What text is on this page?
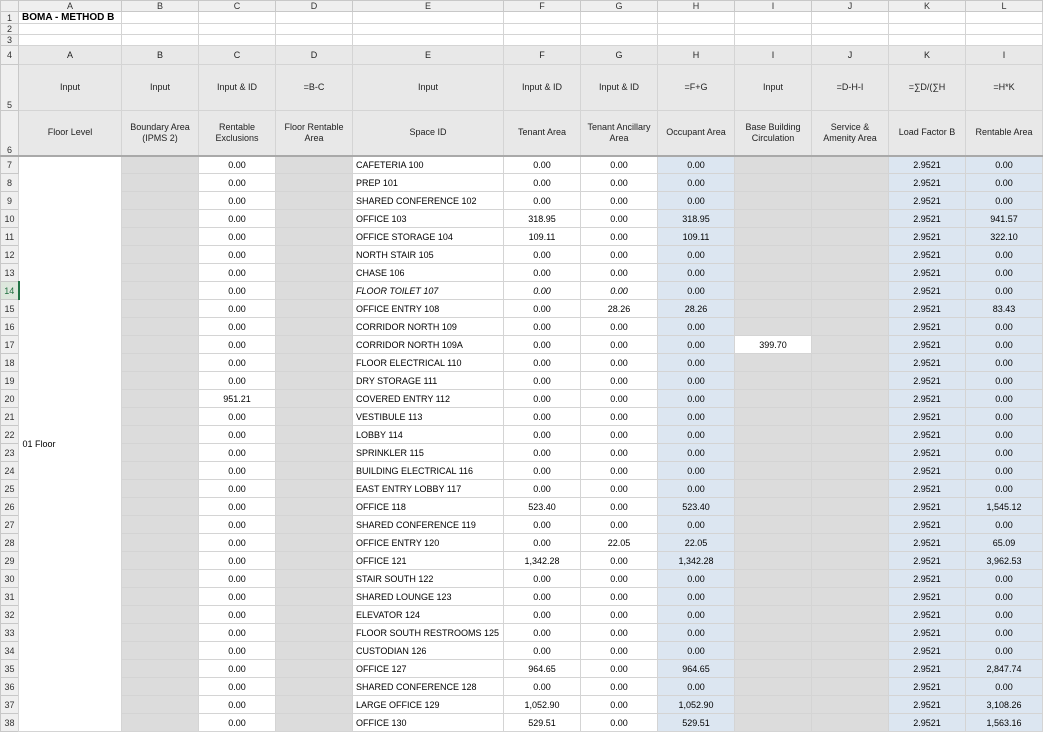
	A	B	C	D	E	F	G	H	I	J	K	L
1	BOMA - METHOD B											
2												
3												
4	A	B	C	D	E	F	G	H	I	J	K	I
5	Input	Input	Input & ID	=B-C	Input	Input & ID	Input & ID	=F+G	Input	=D-H-I	=∑D/(∑H	=H*K
6	Floor Level	Boundary Area (IPMS 2)	Rentable Exclusions	Floor Rentable Area	Space ID	Tenant Area	Tenant Ancillary Area	Occupant Area	Base Building Circulation	Service & Amenity Area	Load Factor B	Rentable Area
7	01 Floor		0.00		CAFETERIA 100	0.00	0.00	0.00			2.9521	0.00
8			0.00		PREP 101	0.00	0.00	0.00			2.9521	0.00
9			0.00		SHARED CONFERENCE 102	0.00	0.00	0.00			2.9521	0.00
10			0.00		OFFICE 103	318.95	0.00	318.95			2.9521	941.57
11			0.00		OFFICE STORAGE 104	109.11	0.00	109.11			2.9521	322.10
12			0.00		NORTH STAIR 105	0.00	0.00	0.00			2.9521	0.00
13			0.00		CHASE 106	0.00	0.00	0.00			2.9521	0.00
14			0.00		FLOOR TOILET 107	0.00	0.00	0.00			2.9521	0.00
15			0.00		OFFICE ENTRY 108	0.00	28.26	28.26			2.9521	83.43
16			0.00		CORRIDOR NORTH 109	0.00	0.00	0.00			2.9521	0.00
17			0.00		CORRIDOR NORTH 109A	0.00	0.00	0.00	399.70		2.9521	0.00
18			0.00		FLOOR ELECTRICAL 110	0.00	0.00	0.00			2.9521	0.00
19			0.00		DRY STORAGE 111	0.00	0.00	0.00			2.9521	0.00
20			951.21		COVERED ENTRY 112	0.00	0.00	0.00			2.9521	0.00
21			0.00		VESTIBULE 113	0.00	0.00	0.00			2.9521	0.00
22			0.00		LOBBY 114	0.00	0.00	0.00			2.9521	0.00
23			0.00		SPRINKLER 115	0.00	0.00	0.00			2.9521	0.00
24			0.00		BUILDING ELECTRICAL 116	0.00	0.00	0.00			2.9521	0.00
25			0.00		EAST ENTRY LOBBY 117	0.00	0.00	0.00			2.9521	0.00
26			0.00		OFFICE 118	523.40	0.00	523.40			2.9521	1,545.12
27			0.00		SHARED CONFERENCE 119	0.00	0.00	0.00			2.9521	0.00
28			0.00		OFFICE ENTRY 120	0.00	22.05	22.05			2.9521	65.09
29			0.00		OFFICE 121	1,342.28	0.00	1,342.28			2.9521	3,962.53
30			0.00		STAIR SOUTH 122	0.00	0.00	0.00			2.9521	0.00
31			0.00		SHARED LOUNGE 123	0.00	0.00	0.00			2.9521	0.00
32			0.00		ELEVATOR 124	0.00	0.00	0.00			2.9521	0.00
33			0.00		FLOOR SOUTH RESTROOMS 125	0.00	0.00	0.00			2.9521	0.00
34			0.00		CUSTODIAN 126	0.00	0.00	0.00			2.9521	0.00
35			0.00		OFFICE 127	964.65	0.00	964.65			2.9521	2,847.74
36			0.00		SHARED CONFERENCE 128	0.00	0.00	0.00			2.9521	0.00
37			0.00		LARGE OFFICE 129	1,052.90	0.00	1,052.90			2.9521	3,108.26
38			0.00		OFFICE 130	529.51	0.00	529.51			2.9521	1,563.16
